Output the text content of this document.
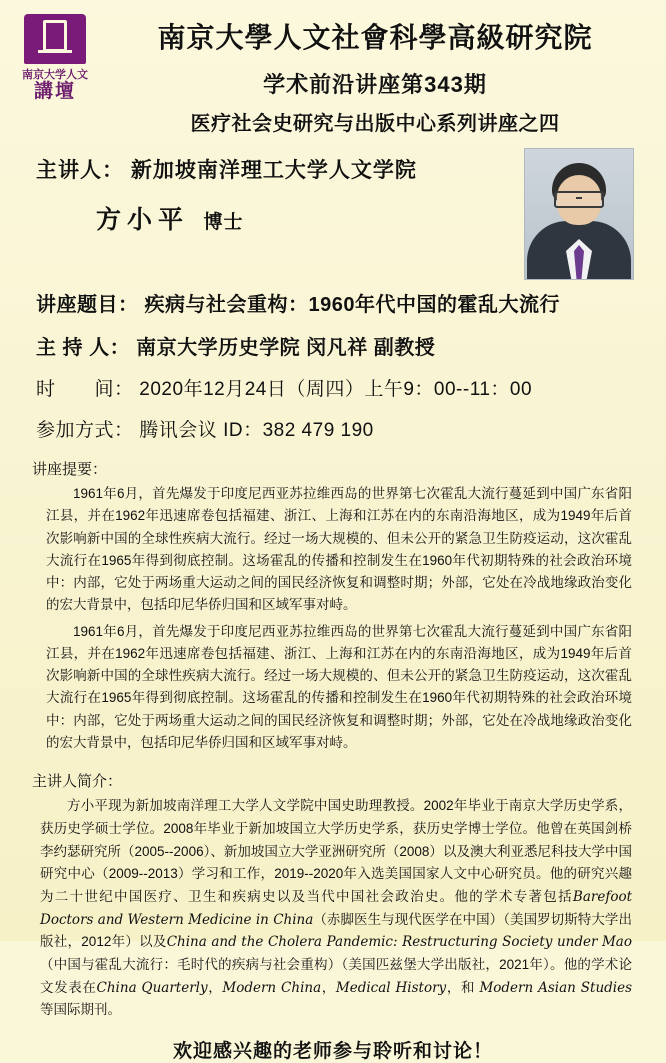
南京大学人文
講壇
南京大學人文社會科學高級研究院
学术前沿讲座第343期
医疗社会史研究与出版中心系列讲座之四
主讲人： 新加坡南洋理工大学人文学院
方小平 博士
讲座题目： 疾病与社会重构：1960年代中国的霍乱大流行
主 持 人： 南京大学历史学院 闵凡祥 副教授
时　　间： 2020年12月24日（周四）上午9：00--11：00
参加方式： 腾讯会议 ID：382 479 190
讲座提要：
1961年6月，首先爆发于印度尼西亚苏拉维西岛的世界第七次霍乱大流行蔓延到中国广东省阳江县，并在1962年迅速席卷包括福建、浙江、上海和江苏在内的东南沿海地区，成为1949年后首次影响新中国的全球性疾病大流行。经过一场大规模的、但未公开的紧急卫生防疫运动，这次霍乱大流行在1965年得到彻底控制。这场霍乱的传播和控制发生在1960年代初期特殊的社会政治环境中：内部，它处于两场重大运动之间的国民经济恢复和调整时期；外部，它处在冷战地缘政治变化的宏大背景中，包括印尼华侨归国和区域军事对峙。
1961年6月，首先爆发于印度尼西亚苏拉维西岛的世界第七次霍乱大流行蔓延到中国广东省阳江县，并在1962年迅速席卷包括福建、浙江、上海和江苏在内的东南沿海地区，成为1949年后首次影响新中国的全球性疾病大流行。经过一场大规模的、但未公开的紧急卫生防疫运动，这次霍乱大流行在1965年得到彻底控制。这场霍乱的传播和控制发生在1960年代初期特殊的社会政治环境中：内部，它处于两场重大运动之间的国民经济恢复和调整时期；外部，它处在冷战地缘政治变化的宏大背景中，包括印尼华侨归国和区域军事对峙。
主讲人简介：
方小平现为新加坡南洋理工大学人文学院中国史助理教授。2002年毕业于南京大学历史学系，获历史学硕士学位。2008年毕业于新加坡国立大学历史学系，获历史学博士学位。他曾在英国剑桥李约瑟研究所（2005--2006）、新加坡国立大学亚洲研究所（2008）以及澳大利亚悉尼科技大学中国研究中心（2009--2013）学习和工作，2019--2020年入选美国国家人文中心研究员。他的研究兴趣为二十世纪中国医疗、卫生和疾病史以及当代中国社会政治史。他的学术专著包括Barefoot Doctors and Western Medicine in China（赤脚医生与现代医学在中国）（美国罗切斯特大学出版社，2012年）以及China and the Cholera Pandemic: Restructuring Society under Mao（中国与霍乱大流行：毛时代的疾病与社会重构）（美国匹兹堡大学出版社，2021年）。他的学术论文发表在China Quarterly，Modern China，Medical History，和 Modern Asian Studies等国际期刊。
欢迎感兴趣的老师参与聆听和讨论！
